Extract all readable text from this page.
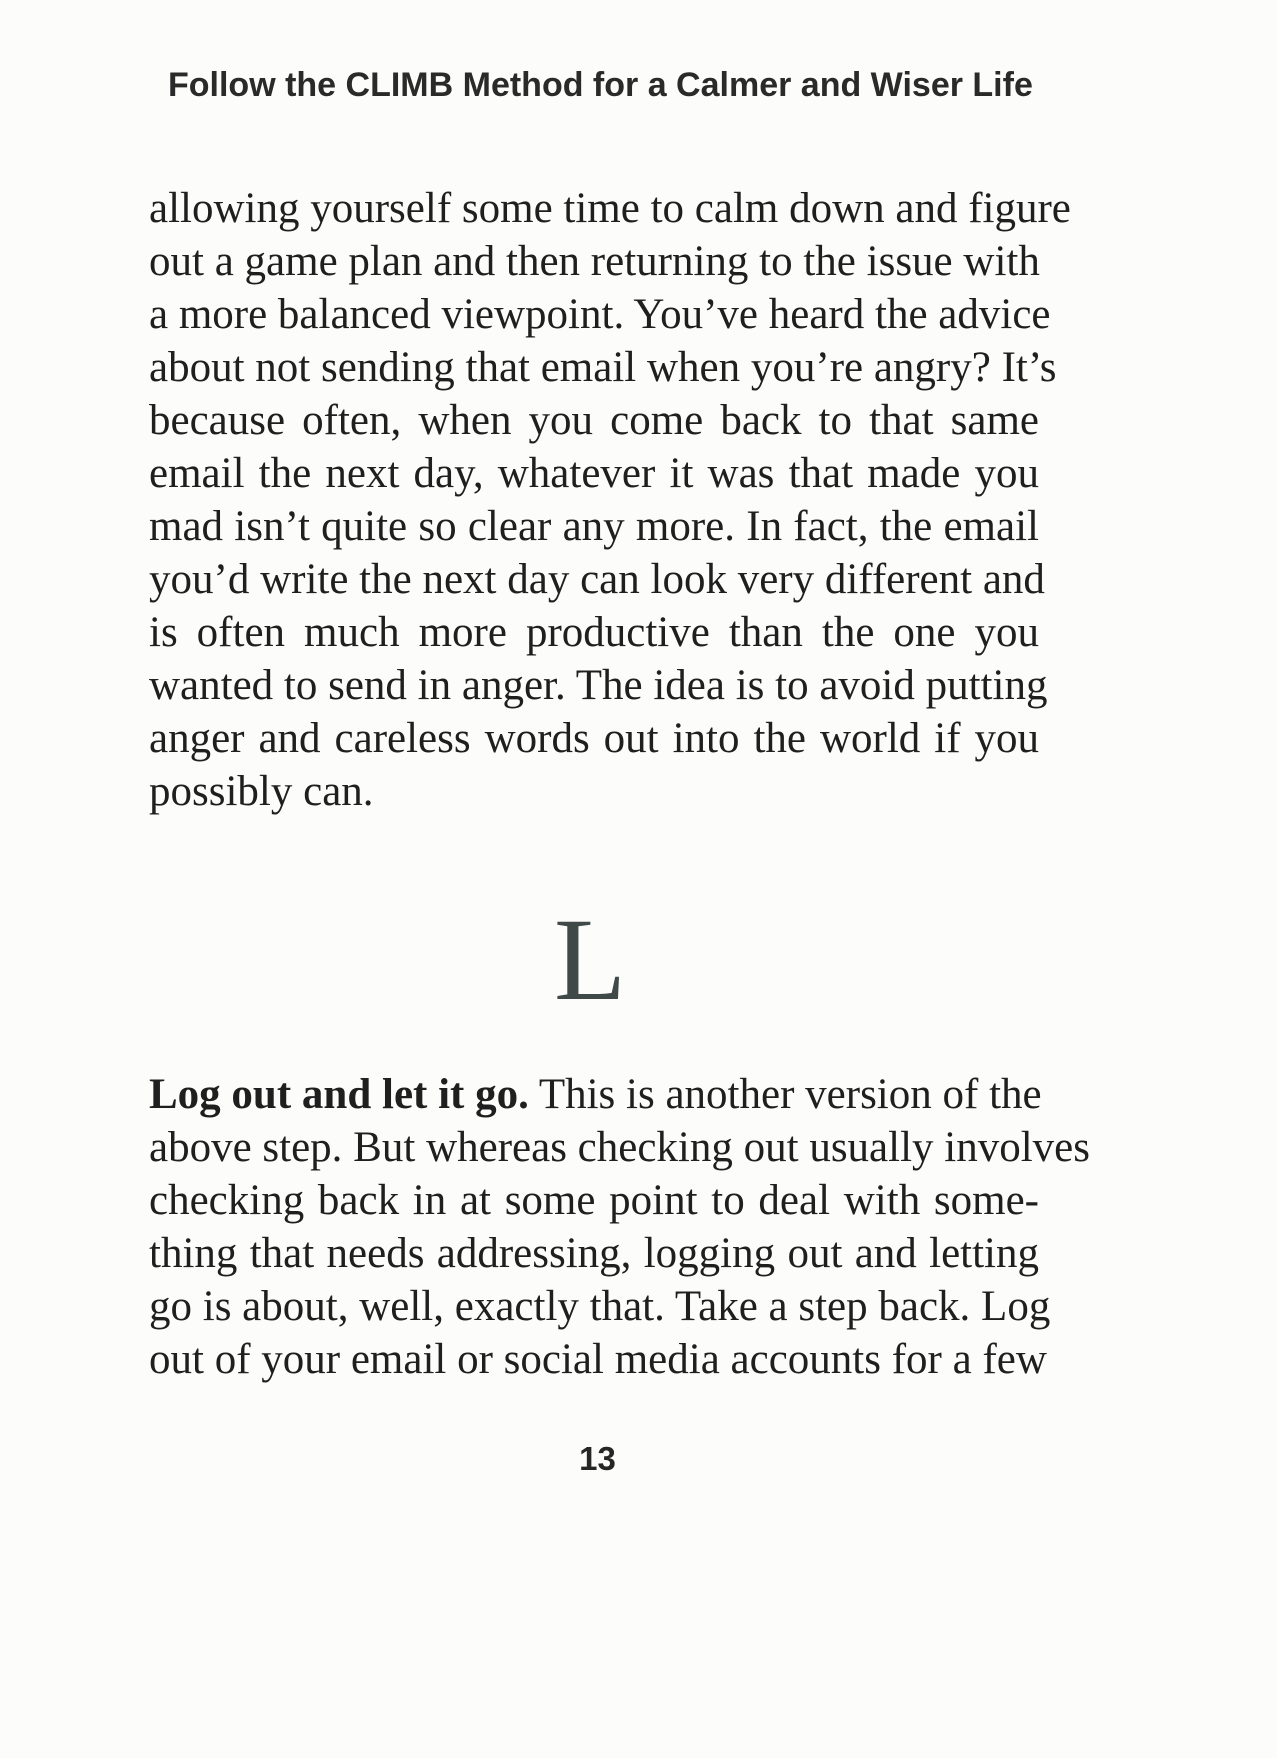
Follow the CLIMB Method for a Calmer and Wiser Life
allowing yourself some time to calm down and figure
out a game plan and then returning to the issue with
a more balanced viewpoint. You’ve heard the advice
about not sending that email when you’re angry? It’s
because often, when you come back to that same
email the next day, whatever it was that made you
mad isn’t quite so clear any more. In fact, the email
you’d write the next day can look very different and
is often much more productive than the one you
wanted to send in anger. The idea is to avoid putting
anger and careless words out into the world if you
possibly can.
L
Log out and let it go. This is another version of the
above step. But whereas checking out usually involves
checking back in at some point to deal with some-
thing that needs addressing, logging out and letting
go is about, well, exactly that. Take a step back. Log
out of your email or social media accounts for a few
13
